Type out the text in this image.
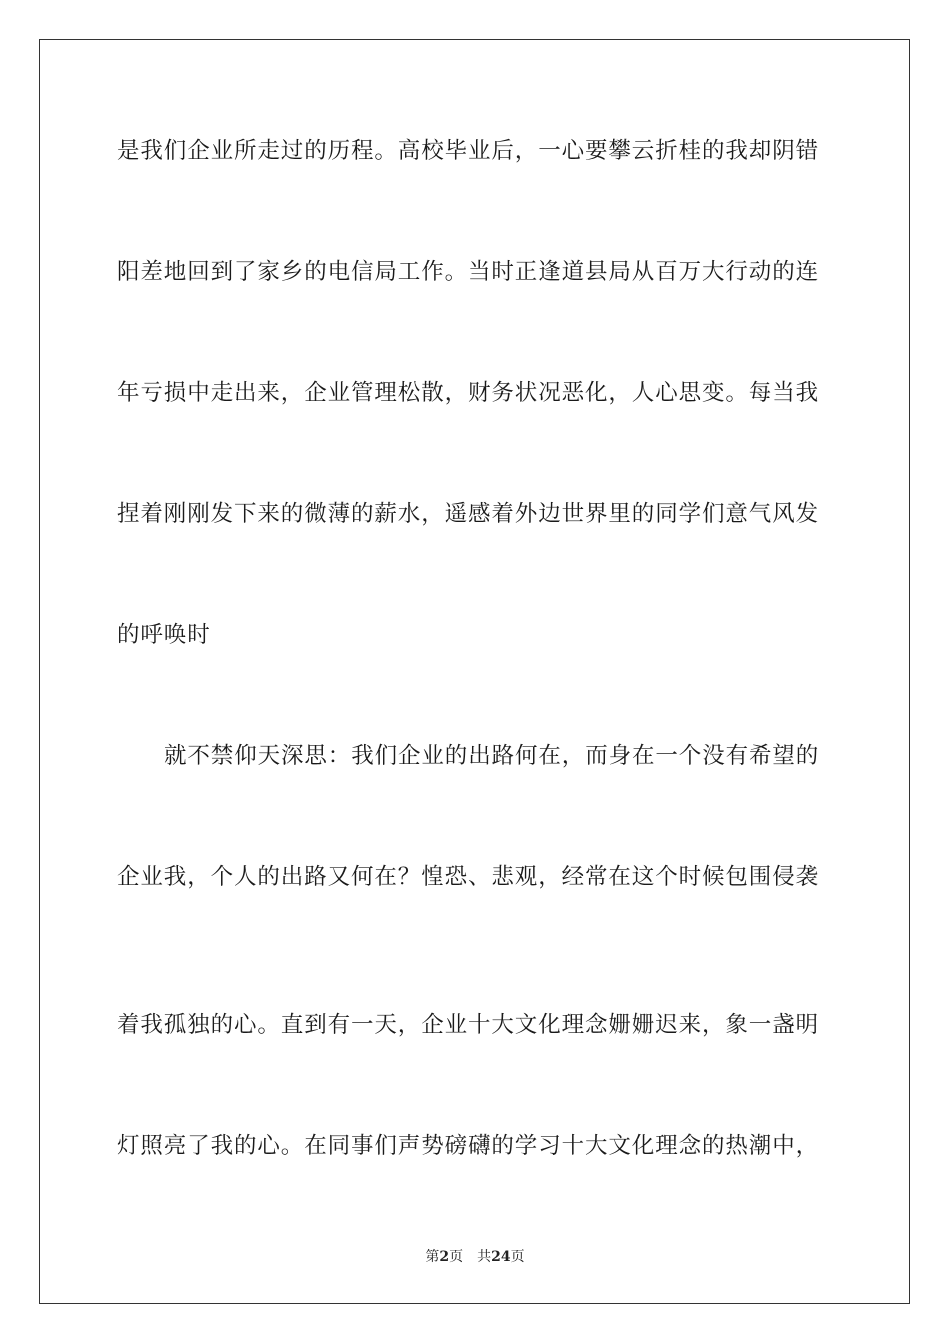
是我们企业所走过的历程。高校毕业后，一心要攀云折桂的我却阴错
阳差地回到了家乡的电信局工作。当时正逢道县局从百万大行动的连
年亏损中走出来，企业管理松散，财务状况恶化，人心思变。每当我
捏着刚刚发下来的微薄的薪水，遥感着外边世界里的同学们意气风发
的呼唤时
就不禁仰天深思：我们企业的出路何在，而身在一个没有希望的
企业我，个人的出路又何在？惶恐、悲观，经常在这个时候包围侵袭
着我孤独的心。直到有一天，企业十大文化理念姗姗迟来，象一盏明
灯照亮了我的心。在同事们声势磅礴的学习十大文化理念的热潮中，
第2页 共24页
